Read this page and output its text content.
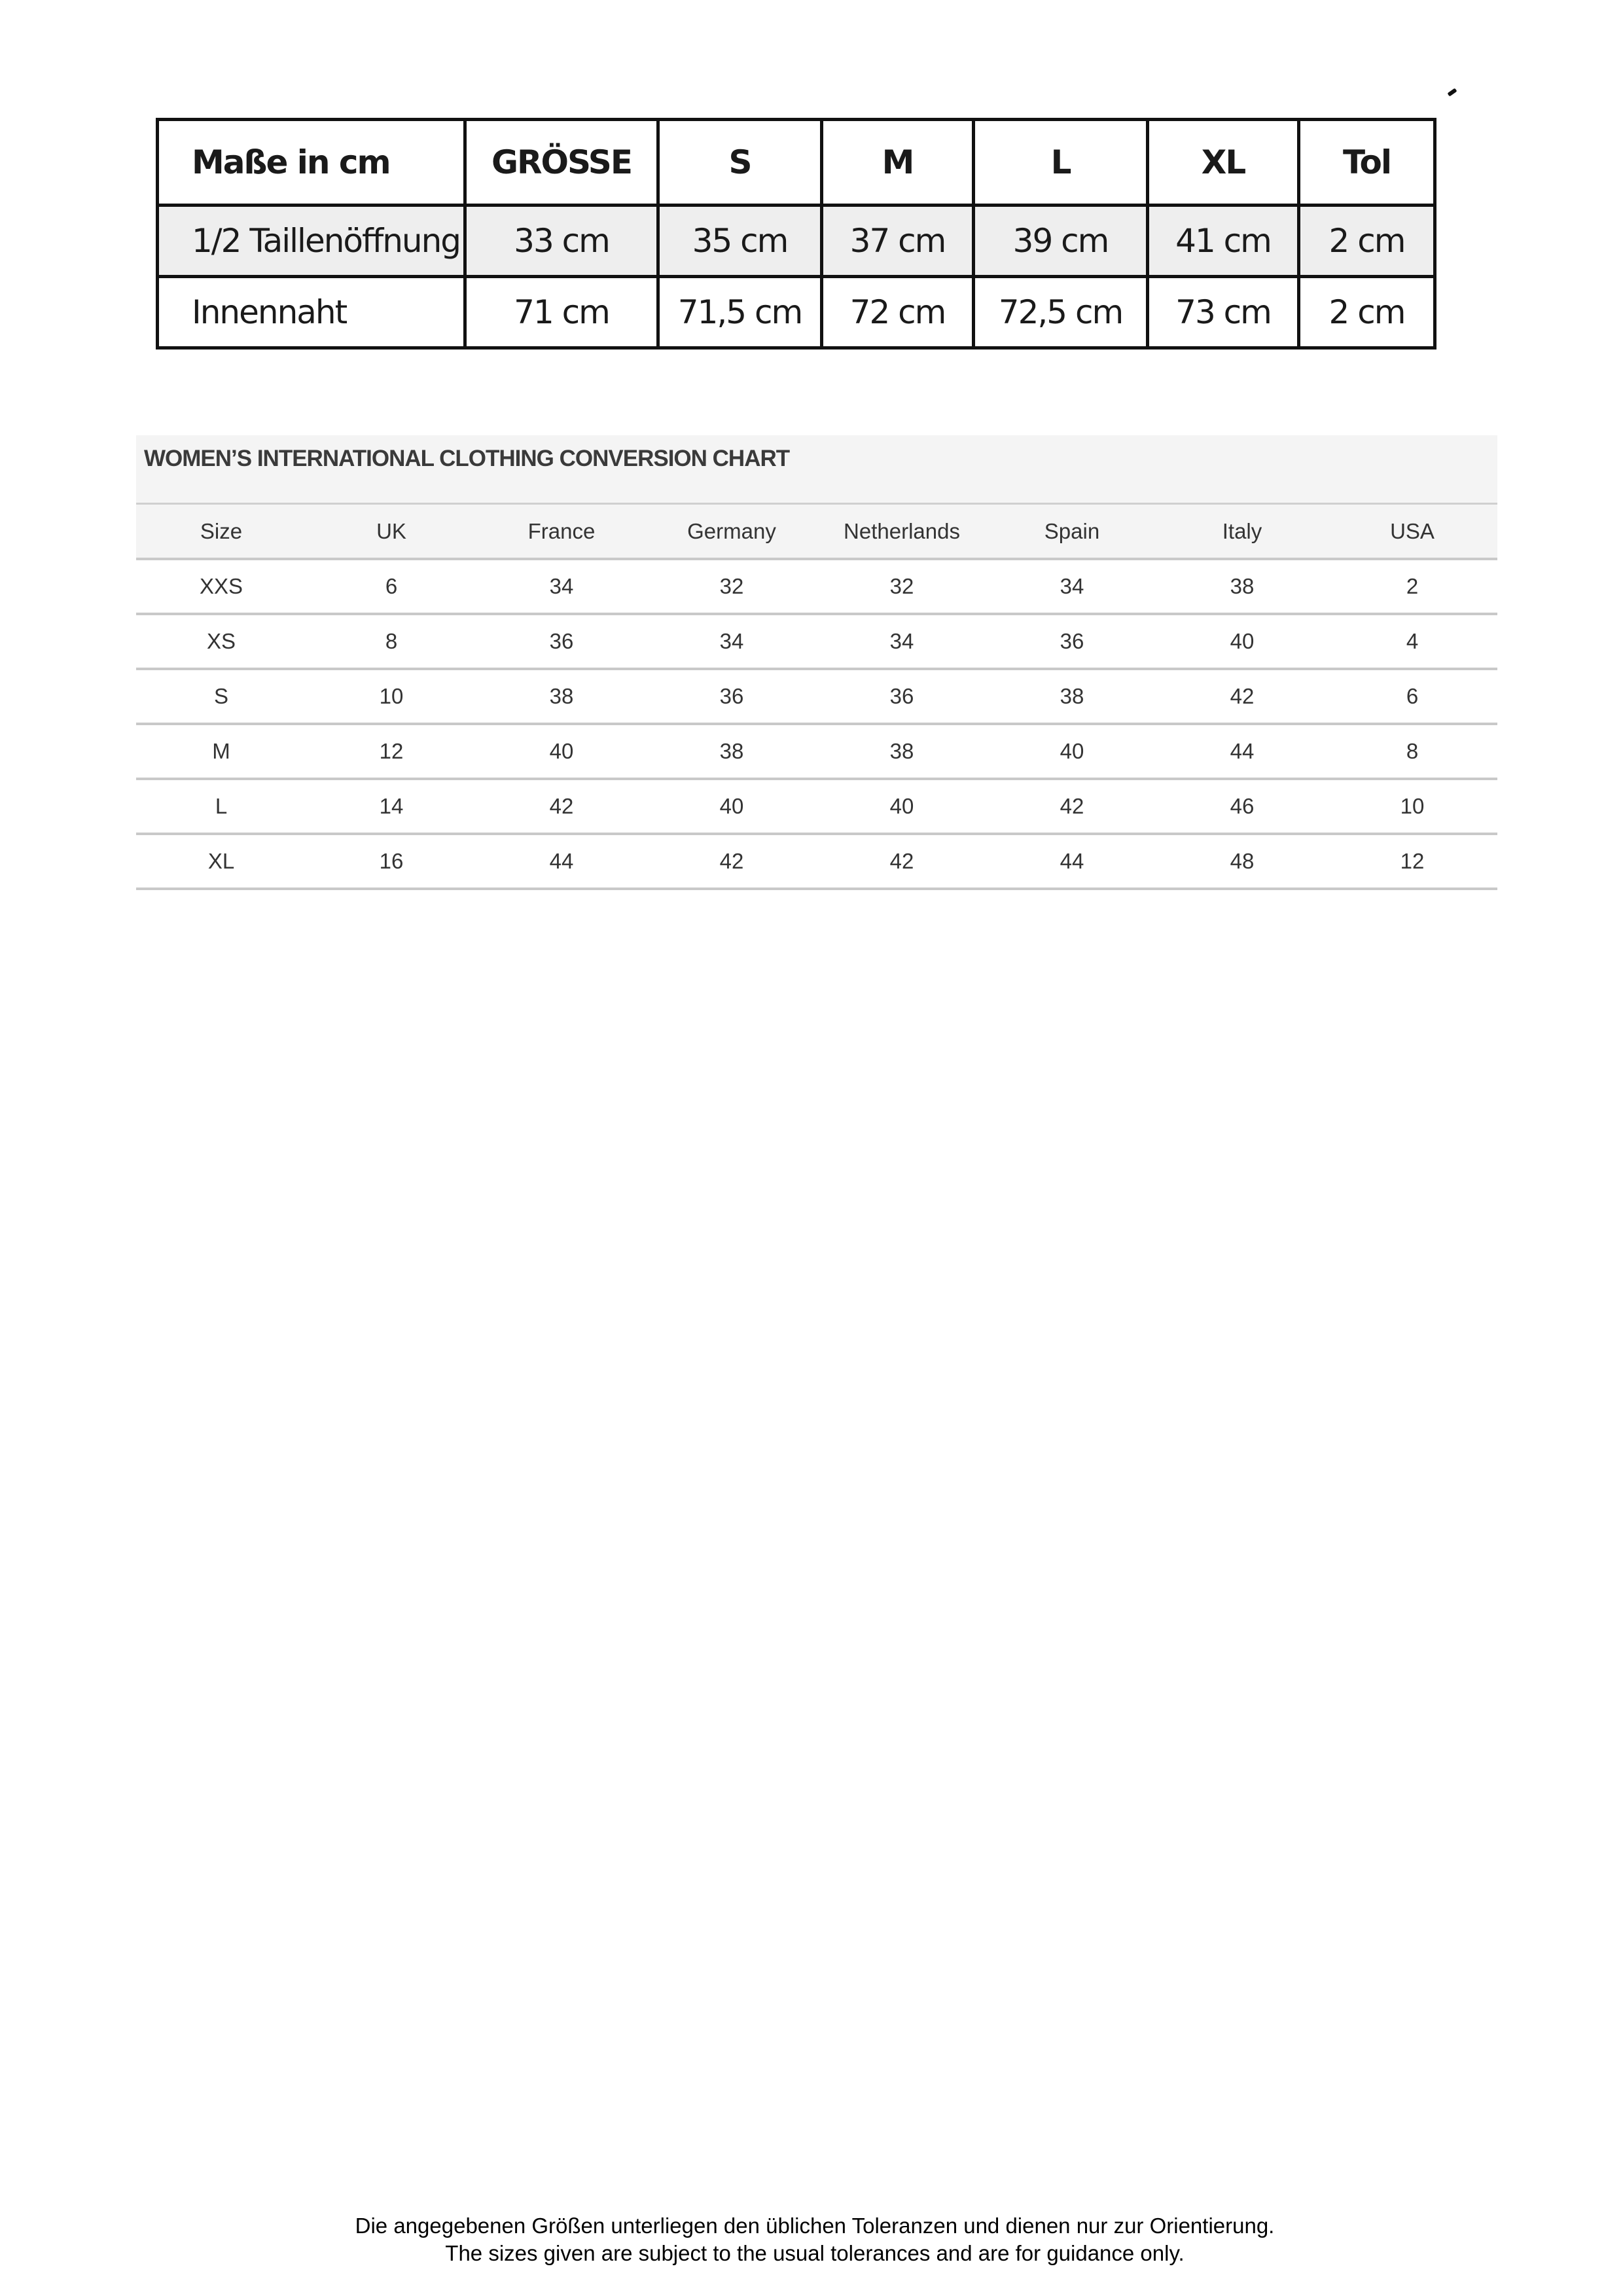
Maße in cm	GRÖSSE	S	M	L	XL	Tol
1/2 Taillenöffnung	33 cm	35 cm	37 cm	39 cm	41 cm	2 cm
Innennaht	71 cm	71,5 cm	72 cm	72,5 cm	73 cm	2 cm
WOMEN’S INTERNATIONAL CLOTHING CONVERSION CHART
Size	UK	France	Germany	Netherlands	Spain	Italy	USA
XXS	6	34	32	32	34	38	2
XS	8	36	34	34	36	40	4
S	10	38	36	36	38	42	6
M	12	40	38	38	40	44	8
L	14	42	40	40	42	46	10
XL	16	44	42	42	44	48	12
Die angegebenen Größen unterliegen den üblichen Toleranzen und dienen nur zur Orientierung.
The sizes given are subject to the usual tolerances and are for guidance only.
